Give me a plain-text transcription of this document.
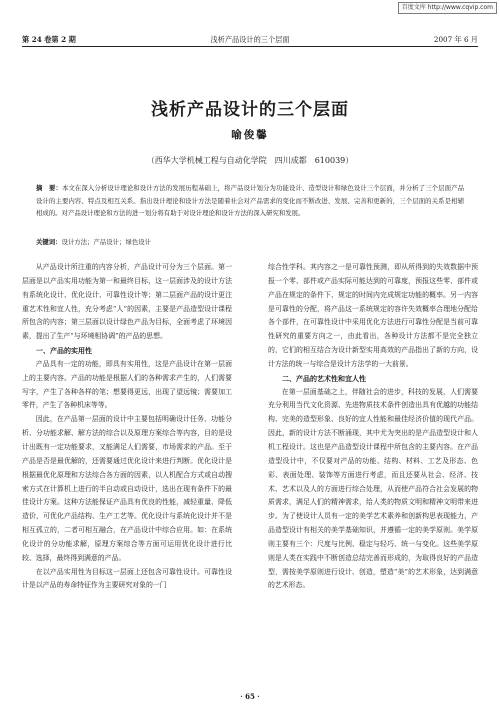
百度文库 http://www.cqvip.com
第 24 卷第 2 期	浅析产品设计的三个层面	2007 年 6 月
浅析产品设计的三个层面
喻俊馨
（西华大学机械工程与自动化学院　四川成都　610039）
摘　要：本文在深入分析设计理论和设计方法的发展历程基础上，将产品设计划分为功能设计、造型设计和绿色设计三个层面，并分析了三个层面产品设计的主要内容、特点及相互关系。指出设计理论和设计方法是随着社会对产品需求的变化而不断改进、发展、完善和更新的，三个层面的关系是相辅相成的。对产品设计理论和方法的进一划分将有助于对设计理论和设计方法的深入研究和发展。
关键词：设计方法；产品设计；绿色设计

从产品设计所注重的内容分析，产品设计可分为三个层面。第一层面是以产品实用功能为第一和最终目标，这一层面涉及的设计方法有系统化设计、优化设计、可靠性设计等；第二层面产品的设计更注重艺术性和宜人性，充分考虑“人”的因素，主要是产品造型设计课程所包含的内容；第三层面以设计绿色产品为目标，全面考虑了环境因素，提出了生产“与环境相协调”的产品的思想。

一、产品的实用性

产品具有一定的功能，即具有实用性，这是产品设计在第一层面上的主要内容。产品的功能是根据人们的各种需求产生的，人们需要写字，产生了各种各样的笔；想要得更远，出现了望远镜；需要加工零件，产生了各种机床等等。

因此，在产品第一层面的设计中主要包括明确设计任务、功能分析、分功能求解、解方法的综合以及原理方案综合等内容，目的是设计出既有一定功能要求，又能满足人们需要，市场需求的产品。至于产品是否是最优解的，还需要通过优化设计来进行判断。优化设计是根据最优化原理和方法综合各方面的因素，以人机配合方式或自动搜索方式在计算机上进行的半自动或自动设计，选出在现有条件下的最佳设计方案。这种方法能保证产品具有优良的性能，减轻重量、降低造价，可优化产品结构、生产工艺等。优化设计与系统化设计并不是相互孤立的，二者可相互融合，在产品设计中综合应用。如：在系统化设计的分功能求解，原理方案综合等方面可运用优化设计进行比较、选择，最终得到满意的产品。

在以产品实用性为目标这一层面上还包含可靠性设计。可靠性设计是以产品的寿命特征作为主要研究对象的一门

综合性学科。其内容之一是可靠性预测，即从所得到的失效数据中预报一个零、部件或产品实际可能达到的可靠度，预报这些零、部件或产品在规定的条件下、规定的时间内完成规定功能的概率。另一内容是可靠性的分配，将产品这一系统规定的容许失效概率合理地分配给各个部件，在可靠性设计中采用优化方法进行可靠性分配是当前可靠性研究的重要方向之一，由此看出，各种设计方法都不是完全独立的，它们的相互结合为设计新型实用高效的产品指出了新的方向，设计方法的统一与综合是设计方法学的一大前景。

二、产品的艺术性和宜人性

在第一层面基础之上，伴随社会的进步，科技的发展，人们需要充分利用当代文化资源、先进物质技术条件创造出具有优越的功能结构、完美的造型形象、良好的宜人性能和最佳经济价值的现代产品。因此，新的设计方法不断涌现，其中尤为突出的是产品造型设计和人机工程设计。这也是产品造型设计课程中所包含的主要内容。在产品造型设计中，不仅要对产品的功能、结构、材料、工艺及形态、色彩、表面处理、装饰等方面进行考虑，而且还要从社会、经济、技术、艺术以及人的方面进行综合处理，从而使产品符合社会发展的物质需求，满足人们的精神需求，给人类的物质文明和精神文明带来进步。为了使设计人员有一定的美学艺术素养和创新构思表现能力，产品造型设计有相关的美学基础知识，并遵循一定的美学原则。美学原则主要有三个：尺度与比例、稳定与轻巧、统一与变化。这些美学原则是人类在实践中不断创造总结完善而形成的，为取得良好的产品造型，需按美学原则进行设计、创造，塑造“美”的艺术形象，达到满意的艺术形态。

· 65 ·
